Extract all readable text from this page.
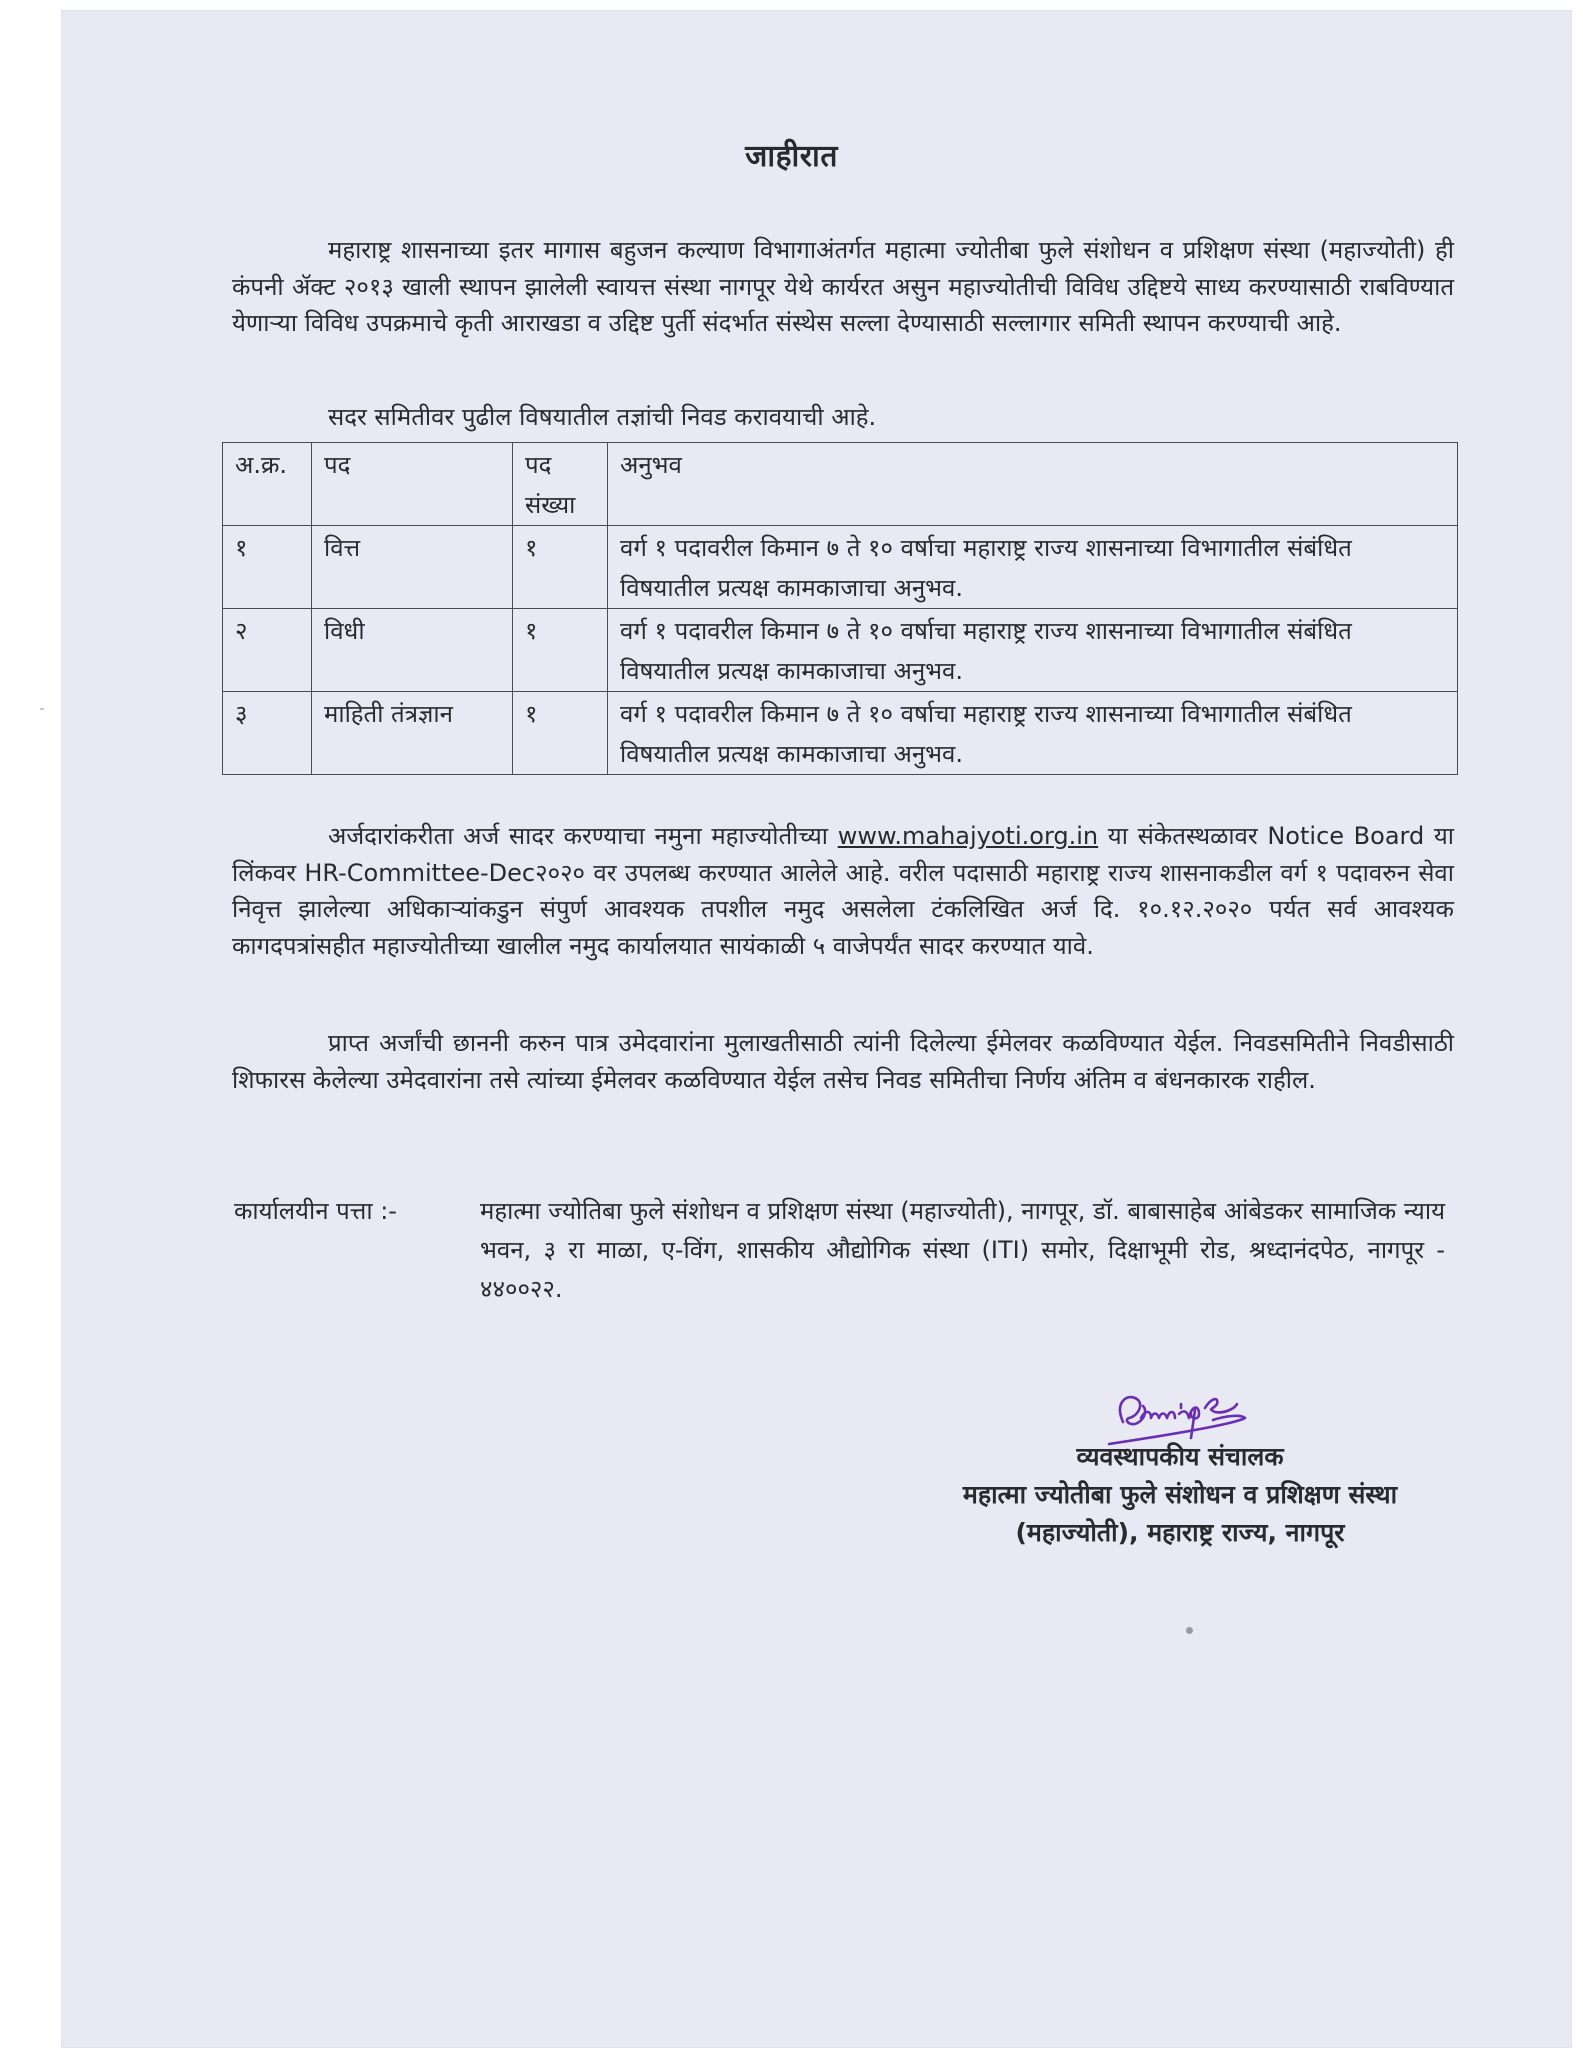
जाहीरात
महाराष्ट्र शासनाच्या इतर मागास बहुजन कल्याण विभागाअंतर्गत महात्मा ज्योतीबा फुले संशोधन व प्रशिक्षण संस्था (महाज्योती) ही कंपनी ॲक्ट २०१३ खाली स्थापन झालेली स्वायत्त संस्था नागपूर येथे कार्यरत असुन महाज्योतीची विविध उद्दिष्टये साध्य करण्यासाठी राबविण्यात येणाऱ्या विविध उपक्रमाचे कृती आराखडा व उद्दिष्ट पुर्ती संदर्भात संस्थेस सल्ला देण्यासाठी सल्लागार समिती स्थापन करण्याची आहे.
सदर समितीवर पुढील विषयातील तज्ञांची निवड करावयाची आहे.
अ.क्र.	पद	पद संख्या	अनुभव
१	वित्त	१	वर्ग १ पदावरील किमान ७ ते १० वर्षाचा महाराष्ट्र राज्य शासनाच्या विभागातील संबंधित विषयातील प्रत्यक्ष कामकाजाचा अनुभव.
२	विधी	१	वर्ग १ पदावरील किमान ७ ते १० वर्षाचा महाराष्ट्र राज्य शासनाच्या विभागातील संबंधित विषयातील प्रत्यक्ष कामकाजाचा अनुभव.
३	माहिती तंत्रज्ञान	१	वर्ग १ पदावरील किमान ७ ते १० वर्षाचा महाराष्ट्र राज्य शासनाच्या विभागातील संबंधित विषयातील प्रत्यक्ष कामकाजाचा अनुभव.
अर्जदारांकरीता अर्ज सादर करण्याचा नमुना महाज्योतीच्या www.mahajyoti.org.in या संकेतस्थळावर Notice Board या लिंकवर HR-Committee-Dec२०२० वर उपलब्ध करण्यात आलेले आहे. वरील पदासाठी महाराष्ट्र राज्य शासनाकडील वर्ग १ पदावरुन सेवा निवृत्त झालेल्या अधिकाऱ्यांकडुन संपुर्ण आवश्यक तपशील नमुद असलेला टंकलिखित अर्ज दि. १०.१२.२०२० पर्यत सर्व आवश्यक कागदपत्रांसहीत महाज्योतीच्या खालील नमुद कार्यालयात सायंकाळी ५ वाजेपर्यंत सादर करण्यात यावे.
प्राप्त अर्जांची छाननी करुन पात्र उमेदवारांना मुलाखतीसाठी त्यांनी दिलेल्या ईमेलवर कळविण्यात येईल. निवडसमितीने निवडीसाठी शिफारस केलेल्या उमेदवारांना तसे त्यांच्या ईमेलवर कळविण्यात येईल तसेच निवड समितीचा निर्णय अंतिम व बंधनकारक राहील.
कार्यालयीन पत्ता :-	महात्मा ज्योतिबा फुले संशोधन व प्रशिक्षण संस्था (महाज्योती), नागपूर, डॉ. बाबासाहेब आंबेडकर सामाजिक न्याय भवन, ३ रा माळा, ए-विंग, शासकीय औद्योगिक संस्था (ITI) समोर, दिक्षाभूमी रोड, श्रध्दानंदपेठ, नागपूर - ४४००२२.
व्यवस्थापकीय संचालक
महात्मा ज्योतीबा फुले संशोधन व प्रशिक्षण संस्था
(महाज्योती), महाराष्ट्र राज्य, नागपूर
